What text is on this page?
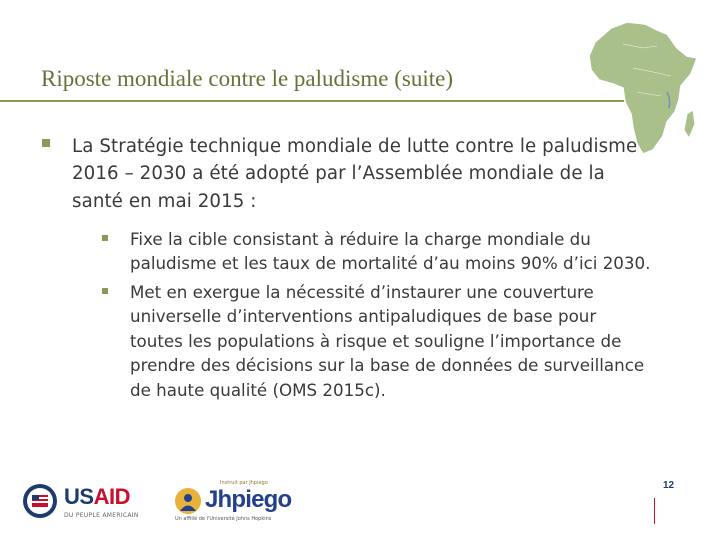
Riposte mondiale contre le paludisme (suite)
La Stratégie technique mondiale de lutte contre le paludisme 2016 – 2030 a été adopté par l’Assemblée mondiale de la santé en mai 2015 :
Fixe la cible consistant à réduire la charge mondiale du paludisme et les taux de mortalité d’au moins 90% d’ici 2030.
Met en exergue la nécessité d’instaurer une couverture universelle d’interventions antipaludiques de base pour toutes les populations à risque et souligne l’importance de prendre des décisions sur la base de données de surveillance de haute qualité (OMS 2015c).
USAID
DU PEUPLE AMERICAIN
Instruit par Jhpiego
Jhpiego
Un affilié de l'Université Johns Hopkins
12
